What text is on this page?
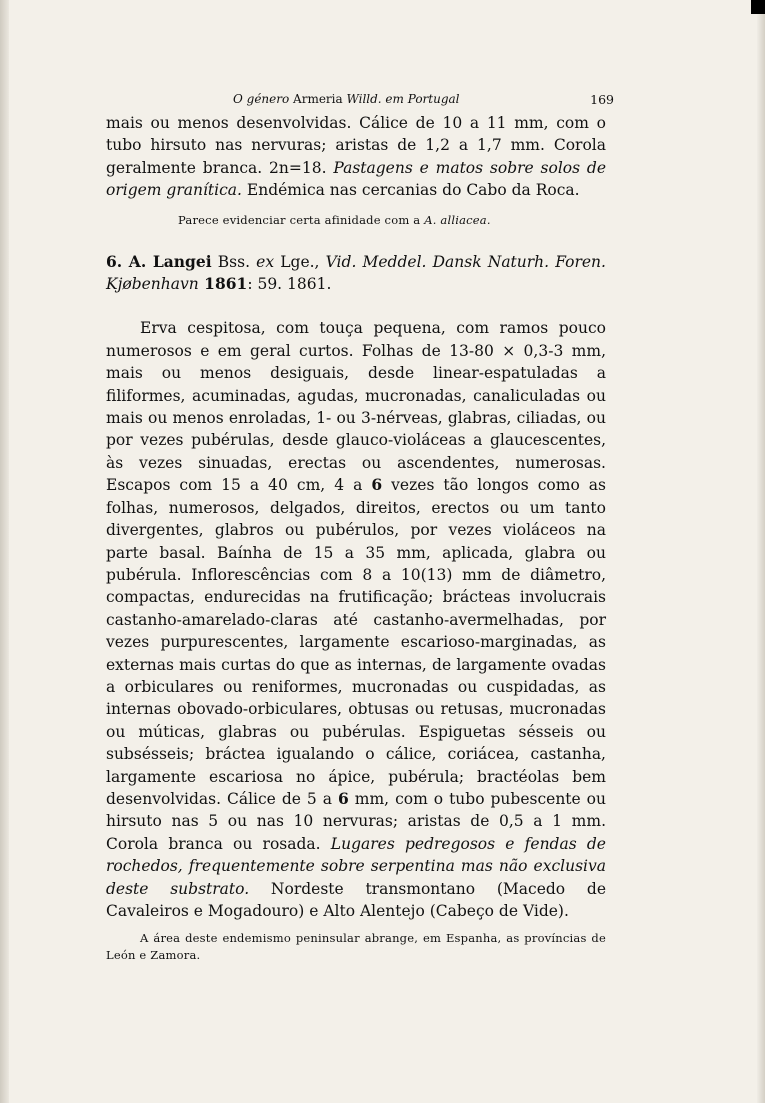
O género Armeria Willd. em Portugal	169

mais ou menos desenvolvidas. Cálice de 10 a 11 mm, com o tubo hirsuto nas nervuras; aristas de 1,2 a 1,7 mm. Corola geralmente branca. 2n=18. Pastagens e matos sobre solos de origem granítica. Endémica nas cercanias do Cabo da Roca.

Parece evidenciar certa afinidade com a A. alliacea.

6. A. Langei Bss. ex Lge., Vid. Meddel. Dansk Naturh. Foren. Kjøbenhavn 1861: 59. 1861.

Erva cespitosa, com touça pequena, com ramos pouco numerosos e em geral curtos. Folhas de 13-80 × 0,3-3 mm, mais ou menos desiguais, desde linear-espatuladas a filiformes, acuminadas, agudas, mucronadas, canaliculadas ou mais ou menos enroladas, 1- ou 3-nérveas, glabras, ciliadas, ou por vezes pubérulas, desde glauco-violáceas a glaucescentes, às vezes sinuadas, erectas ou ascendentes, numerosas. Escapos com 15 a 40 cm, 4 a 6 vezes tão longos como as folhas, numerosos, delgados, direitos, erectos ou um tanto divergentes, glabros ou pubérulos, por vezes violáceos na parte basal. Baínha de 15 a 35 mm, aplicada, glabra ou pubérula. Inflorescências com 8 a 10(13) mm de diâmetro, compactas, endurecidas na frutificação; brácteas involucrais castanho-amarelado-claras até castanho-avermelhadas, por vezes purpurescentes, largamente escarioso-marginadas, as externas mais curtas do que as internas, de largamente ovadas a orbiculares ou reniformes, mucronadas ou cuspidadas, as internas obovado-orbiculares, obtusas ou retusas, mucronadas ou múticas, glabras ou pubérulas. Espiguetas sésseis ou subsésseis; bráctea igualando o cálice, coriácea, castanha, largamente escariosa no ápice, pubérula; bractéolas bem desenvolvidas. Cálice de 5 a 6 mm, com o tubo pubescente ou hirsuto nas 5 ou nas 10 nervuras; aristas de 0,5 a 1 mm. Corola branca ou rosada. Lugares pedregosos e fendas de rochedos, frequentemente sobre serpentina mas não exclusiva deste substrato. Nordeste transmontano (Macedo de Cavaleiros e Mogadouro) e Alto Alentejo (Cabeço de Vide).

A área deste endemismo peninsular abrange, em Espanha, as províncias de León e Zamora.
